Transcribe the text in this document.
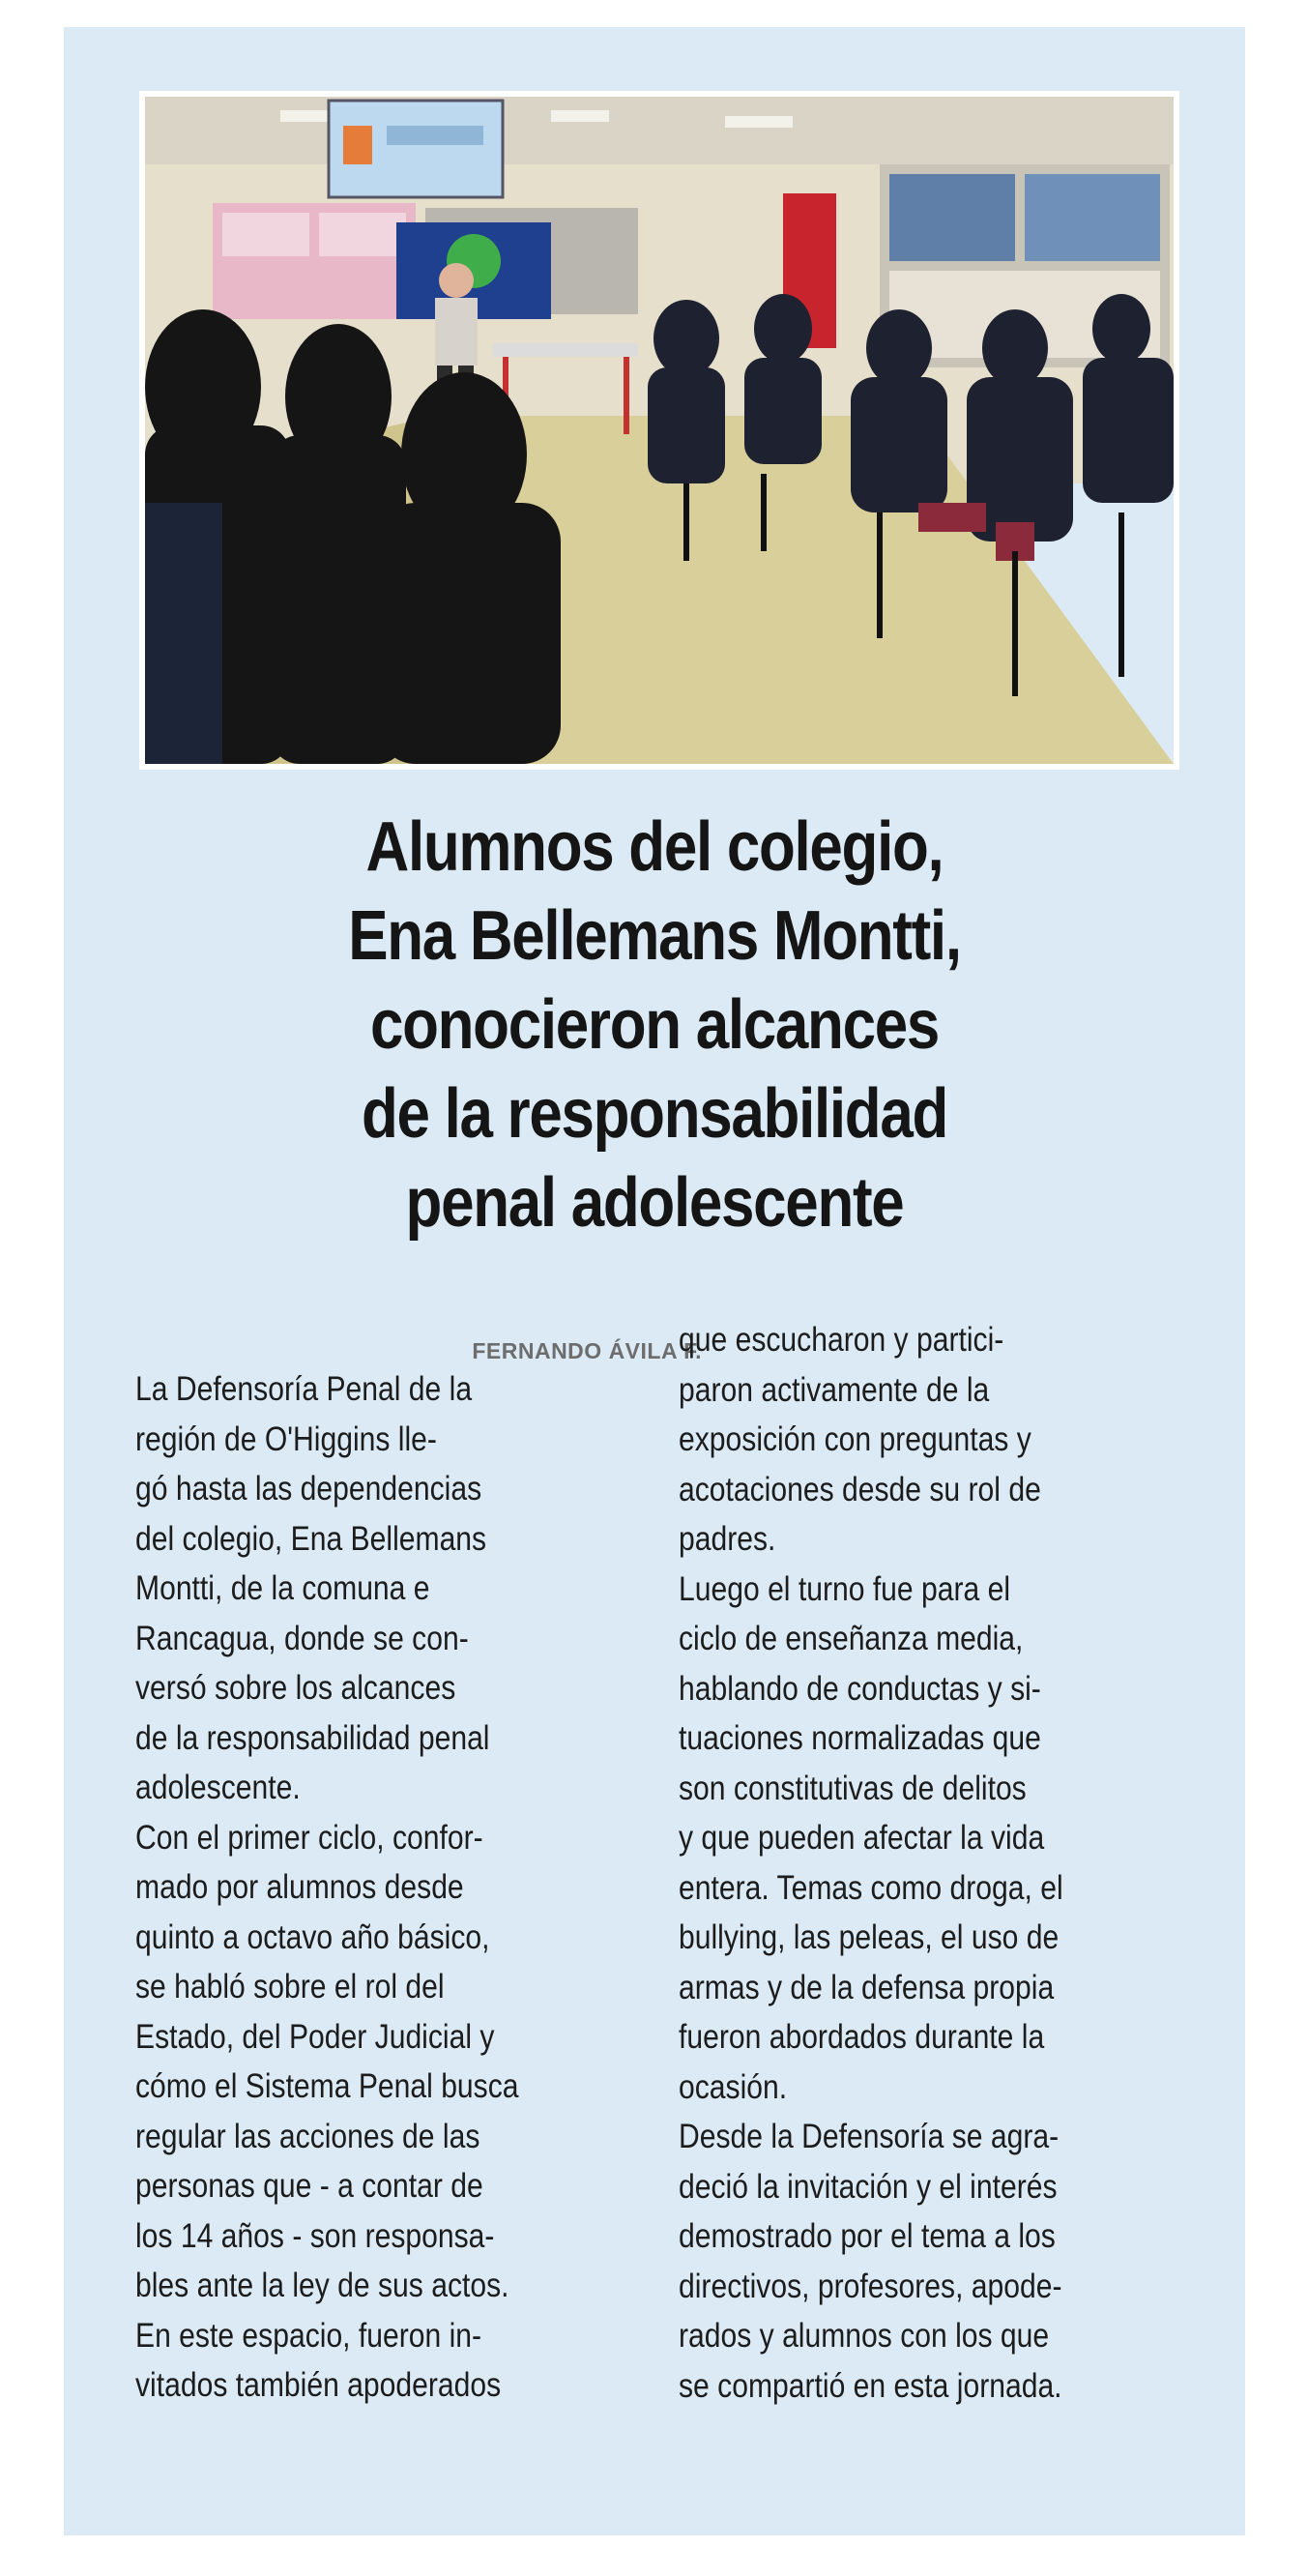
Alumnos del colegio,
Ena Bellemans Montti,
conocieron alcances
de la responsabilidad
penal adolescente
FERNANDO ÁVILA F.
La Defensoría Penal de la
región de O'Higgins lle-
gó hasta las dependencias
del colegio, Ena Bellemans
Montti, de la comuna e
Rancagua, donde se con-
versó sobre los alcances
de la responsabilidad penal
adolescente.
Con el primer ciclo, confor-
mado por alumnos desde
quinto a octavo año básico,
se habló sobre el rol del
Estado, del Poder Judicial y
cómo el Sistema Penal busca
regular las acciones de las
personas que - a contar de
los 14 años - son responsa-
bles ante la ley de sus actos.
En este espacio, fueron in-
vitados también apoderados
que escucharon y partici-
paron activamente de la
exposición con preguntas y
acotaciones desde su rol de
padres.
Luego el turno fue para el
ciclo de enseñanza media,
hablando de conductas y si-
tuaciones normalizadas que
son constitutivas de delitos
y que pueden afectar la vida
entera. Temas como droga, el
bullying, las peleas, el uso de
armas y de la defensa propia
fueron abordados durante la
ocasión.
Desde la Defensoría se agra-
deció la invitación y el interés
demostrado por el tema a los
directivos, profesores, apode-
rados y alumnos con los que
se compartió en esta jornada.
